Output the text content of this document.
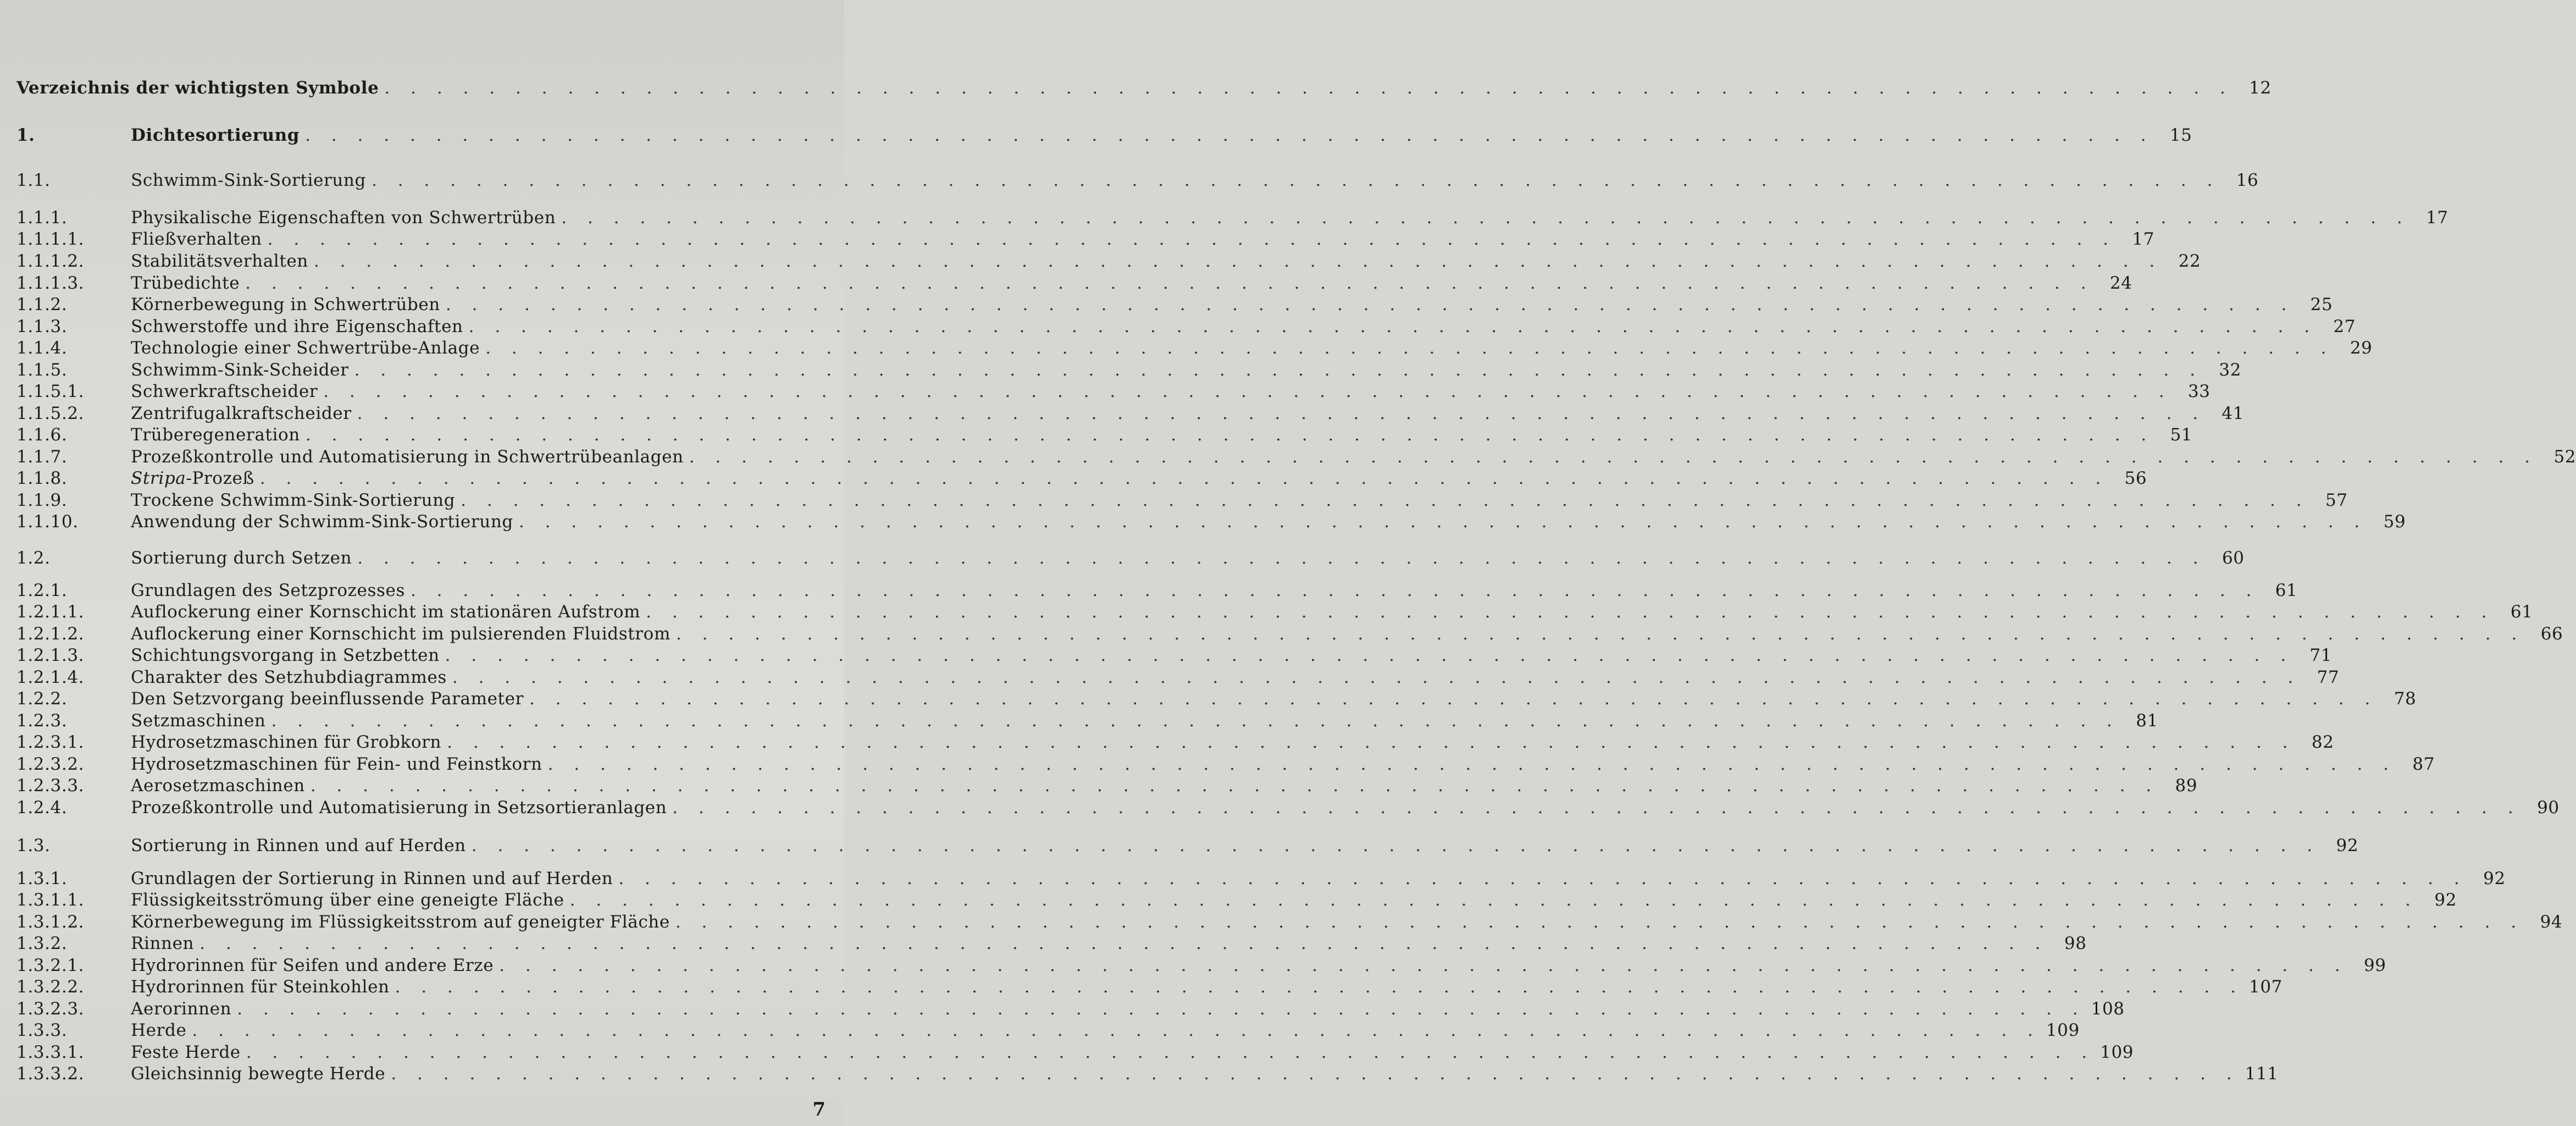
Verzeichnis der wichtigsten Symbole . . . . . . . . . . . . . . . . . . . . . . . . . . . . . . . . . . . . . . . . . . . . . . . . . . . . . . . . . . . . . . . . . . . . . . . 12
1.	Dichtesortierung . . . . . . . . . . . . . . . . . . . . . . . . . . . . . . . . . . . . . . . . . . . . . . . . . . . . . . . . . . . . . . . . . . . . . . . 15
1.1.	Schwimm-Sink-Sortierung . . . . . . . . . . . . . . . . . . . . . . . . . . . . . . . . . . . . . . . . . . . . . . . . . . . . . . . . . . . . . . . . . . . . . . . 16
1.1.1.	Physikalische Eigenschaften von Schwertrüben . . . . . . . . . . . . . . . . . . . . . . . . . . . . . . . . . . . . . . . . . . . . . . . . . . . . . . . . . . . . . . . . . . . . . . . 17
1.1.1.1.	Fließverhalten . . . . . . . . . . . . . . . . . . . . . . . . . . . . . . . . . . . . . . . . . . . . . . . . . . . . . . . . . . . . . . . . . . . . . . . 17
1.1.1.2.	Stabilitätsverhalten . . . . . . . . . . . . . . . . . . . . . . . . . . . . . . . . . . . . . . . . . . . . . . . . . . . . . . . . . . . . . . . . . . . . . . . 22
1.1.1.3.	Trübedichte . . . . . . . . . . . . . . . . . . . . . . . . . . . . . . . . . . . . . . . . . . . . . . . . . . . . . . . . . . . . . . . . . . . . . . . 24
1.1.2.	Körnerbewegung in Schwertrüben . . . . . . . . . . . . . . . . . . . . . . . . . . . . . . . . . . . . . . . . . . . . . . . . . . . . . . . . . . . . . . . . . . . . . . . 25
1.1.3.	Schwerstoffe und ihre Eigenschaften . . . . . . . . . . . . . . . . . . . . . . . . . . . . . . . . . . . . . . . . . . . . . . . . . . . . . . . . . . . . . . . . . . . . . . . 27
1.1.4.	Technologie einer Schwertrübe-Anlage . . . . . . . . . . . . . . . . . . . . . . . . . . . . . . . . . . . . . . . . . . . . . . . . . . . . . . . . . . . . . . . . . . . . . . . 29
1.1.5.	Schwimm-Sink-Scheider . . . . . . . . . . . . . . . . . . . . . . . . . . . . . . . . . . . . . . . . . . . . . . . . . . . . . . . . . . . . . . . . . . . . . . . 32
1.1.5.1.	Schwerkraftscheider . . . . . . . . . . . . . . . . . . . . . . . . . . . . . . . . . . . . . . . . . . . . . . . . . . . . . . . . . . . . . . . . . . . . . . . 33
1.1.5.2.	Zentrifugalkraftscheider . . . . . . . . . . . . . . . . . . . . . . . . . . . . . . . . . . . . . . . . . . . . . . . . . . . . . . . . . . . . . . . . . . . . . . . 41
1.1.6.	Trüberegeneration . . . . . . . . . . . . . . . . . . . . . . . . . . . . . . . . . . . . . . . . . . . . . . . . . . . . . . . . . . . . . . . . . . . . . . . 51
1.1.7.	Prozeßkontrolle und Automatisierung in Schwertrübeanlagen . . . . . . . . . . . . . . . . . . . . . . . . . . . . . . . . . . . . . . . . . . . . . . . . . . . . . . . . . . . . . . . . . . . . . . . 52
1.1.8.	Stripa-Prozeß . . . . . . . . . . . . . . . . . . . . . . . . . . . . . . . . . . . . . . . . . . . . . . . . . . . . . . . . . . . . . . . . . . . . . . . 56
1.1.9.	Trockene Schwimm-Sink-Sortierung . . . . . . . . . . . . . . . . . . . . . . . . . . . . . . . . . . . . . . . . . . . . . . . . . . . . . . . . . . . . . . . . . . . . . . . 57
1.1.10.	Anwendung der Schwimm-Sink-Sortierung . . . . . . . . . . . . . . . . . . . . . . . . . . . . . . . . . . . . . . . . . . . . . . . . . . . . . . . . . . . . . . . . . . . . . . . 59
1.2.	Sortierung durch Setzen . . . . . . . . . . . . . . . . . . . . . . . . . . . . . . . . . . . . . . . . . . . . . . . . . . . . . . . . . . . . . . . . . . . . . . . 60
1.2.1.	Grundlagen des Setzprozesses . . . . . . . . . . . . . . . . . . . . . . . . . . . . . . . . . . . . . . . . . . . . . . . . . . . . . . . . . . . . . . . . . . . . . . . 61
1.2.1.1.	Auflockerung einer Kornschicht im stationären Aufstrom . . . . . . . . . . . . . . . . . . . . . . . . . . . . . . . . . . . . . . . . . . . . . . . . . . . . . . . . . . . . . . . . . . . . . . . 61
1.2.1.2.	Auflockerung einer Kornschicht im pulsierenden Fluidstrom . . . . . . . . . . . . . . . . . . . . . . . . . . . . . . . . . . . . . . . . . . . . . . . . . . . . . . . . . . . . . . . . . . . . . . . 66
1.2.1.3.	Schichtungsvorgang in Setzbetten . . . . . . . . . . . . . . . . . . . . . . . . . . . . . . . . . . . . . . . . . . . . . . . . . . . . . . . . . . . . . . . . . . . . . . . 71
1.2.1.4.	Charakter des Setzhubdiagrammes . . . . . . . . . . . . . . . . . . . . . . . . . . . . . . . . . . . . . . . . . . . . . . . . . . . . . . . . . . . . . . . . . . . . . . . 77
1.2.2.	Den Setzvorgang beeinflussende Parameter . . . . . . . . . . . . . . . . . . . . . . . . . . . . . . . . . . . . . . . . . . . . . . . . . . . . . . . . . . . . . . . . . . . . . . . 78
1.2.3.	Setzmaschinen . . . . . . . . . . . . . . . . . . . . . . . . . . . . . . . . . . . . . . . . . . . . . . . . . . . . . . . . . . . . . . . . . . . . . . . 81
1.2.3.1.	Hydrosetzmaschinen für Grobkorn . . . . . . . . . . . . . . . . . . . . . . . . . . . . . . . . . . . . . . . . . . . . . . . . . . . . . . . . . . . . . . . . . . . . . . . 82
1.2.3.2.	Hydrosetzmaschinen für Fein- und Feinstkorn . . . . . . . . . . . . . . . . . . . . . . . . . . . . . . . . . . . . . . . . . . . . . . . . . . . . . . . . . . . . . . . . . . . . . . . 87
1.2.3.3.	Aerosetzmaschinen . . . . . . . . . . . . . . . . . . . . . . . . . . . . . . . . . . . . . . . . . . . . . . . . . . . . . . . . . . . . . . . . . . . . . . . 89
1.2.4.	Prozeßkontrolle und Automatisierung in Setzsortieranlagen . . . . . . . . . . . . . . . . . . . . . . . . . . . . . . . . . . . . . . . . . . . . . . . . . . . . . . . . . . . . . . . . . . . . . . . 90
1.3.	Sortierung in Rinnen und auf Herden . . . . . . . . . . . . . . . . . . . . . . . . . . . . . . . . . . . . . . . . . . . . . . . . . . . . . . . . . . . . . . . . . . . . . . . 92
1.3.1.	Grundlagen der Sortierung in Rinnen und auf Herden . . . . . . . . . . . . . . . . . . . . . . . . . . . . . . . . . . . . . . . . . . . . . . . . . . . . . . . . . . . . . . . . . . . . . . . 92
1.3.1.1.	Flüssigkeitsströmung über eine geneigte Fläche . . . . . . . . . . . . . . . . . . . . . . . . . . . . . . . . . . . . . . . . . . . . . . . . . . . . . . . . . . . . . . . . . . . . . . . 92
1.3.1.2.	Körnerbewegung im Flüssigkeitsstrom auf geneigter Fläche . . . . . . . . . . . . . . . . . . . . . . . . . . . . . . . . . . . . . . . . . . . . . . . . . . . . . . . . . . . . . . . . . . . . . . . 94
1.3.2.	Rinnen . . . . . . . . . . . . . . . . . . . . . . . . . . . . . . . . . . . . . . . . . . . . . . . . . . . . . . . . . . . . . . . . . . . . . . . 98
1.3.2.1.	Hydrorinnen für Seifen und andere Erze . . . . . . . . . . . . . . . . . . . . . . . . . . . . . . . . . . . . . . . . . . . . . . . . . . . . . . . . . . . . . . . . . . . . . . . 99
1.3.2.2.	Hydrorinnen für Steinkohlen . . . . . . . . . . . . . . . . . . . . . . . . . . . . . . . . . . . . . . . . . . . . . . . . . . . . . . . . . . . . . . . . . . . . . . . 107
1.3.2.3.	Aerorinnen . . . . . . . . . . . . . . . . . . . . . . . . . . . . . . . . . . . . . . . . . . . . . . . . . . . . . . . . . . . . . . . . . . . . . . . 108
1.3.3.	Herde . . . . . . . . . . . . . . . . . . . . . . . . . . . . . . . . . . . . . . . . . . . . . . . . . . . . . . . . . . . . . . . . . . . . . . . 109
1.3.3.1.	Feste Herde . . . . . . . . . . . . . . . . . . . . . . . . . . . . . . . . . . . . . . . . . . . . . . . . . . . . . . . . . . . . . . . . . . . . . . . 109
1.3.3.2.	Gleichsinnig bewegte Herde . . . . . . . . . . . . . . . . . . . . . . . . . . . . . . . . . . . . . . . . . . . . . . . . . . . . . . . . . . . . . . . . . . . . . . . 111
7
